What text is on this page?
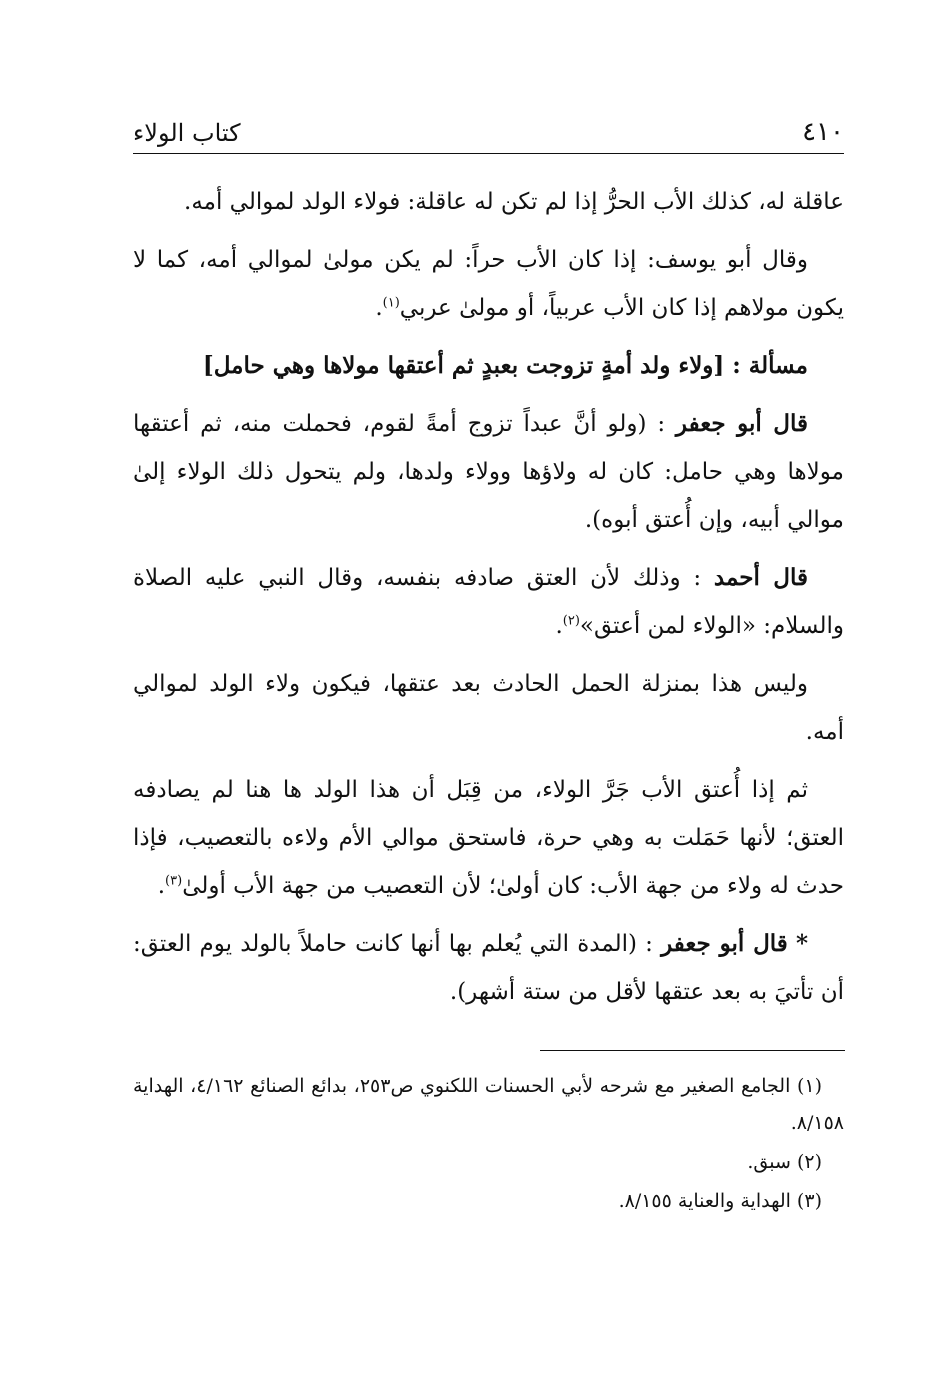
٤١٠
كتاب الولاء

عاقلة له، كذلك الأب الحرُّ إذا لم تكن له عاقلة: فولاء الولد لموالي أمه.

وقال أبو يوسف: إذا كان الأب حراً: لم يكن مولىٰ لموالي أمه، كما لا يكون مولاهم إذا كان الأب عربياً، أو مولىٰ عربي$^{(١)}$.

مسألة : [ولاء ولد أمةٍ تزوجت بعبدٍ ثم أعتقها مولاها وهي حامل]

قال أبو جعفر : (ولو أنَّ عبداً تزوج أمةً لقوم، فحملت منه، ثم أعتقها مولاها وهي حامل: كان له ولاؤها وولاء ولدها، ولم يتحول ذلك الولاء إلىٰ موالي أبيه، وإن أُعتق أبوه).

قال أحمد : وذلك لأن العتق صادفه بنفسه، وقال النبي عليه الصلاة والسلام: «الولاء لمن أعتق»$^{(٢)}$.

وليس هذا بمنزلة الحمل الحادث بعد عتقها، فيكون ولاء الولد لموالي أمه.

ثم إذا أُعتق الأب جَرَّ الولاء، من قِبَل أن هذا الولد ها هنا لم يصادفه العتق؛ لأنها حَمَلت به وهي حرة، فاستحق موالي الأم ولاءه بالتعصيب، فإذا حدث له ولاء من جهة الأب: كان أولىٰ؛ لأن التعصيب من جهة الأب أولىٰ$^{(٣)}$.

* قال أبو جعفر : (المدة التي يُعلم بها أنها كانت حاملاً بالولد يوم العتق: أن تأتيَ به بعد عتقها لأقل من ستة أشهر).

(١) الجامع الصغير مع شرحه لأبي الحسنات اللكنوي ص٢٥٣، بدائع الصنائع ٤/١٦٢، الهداية ٨/١٥٨.

(٢) سبق.

(٣) الهداية والعناية ٨/١٥٥.
